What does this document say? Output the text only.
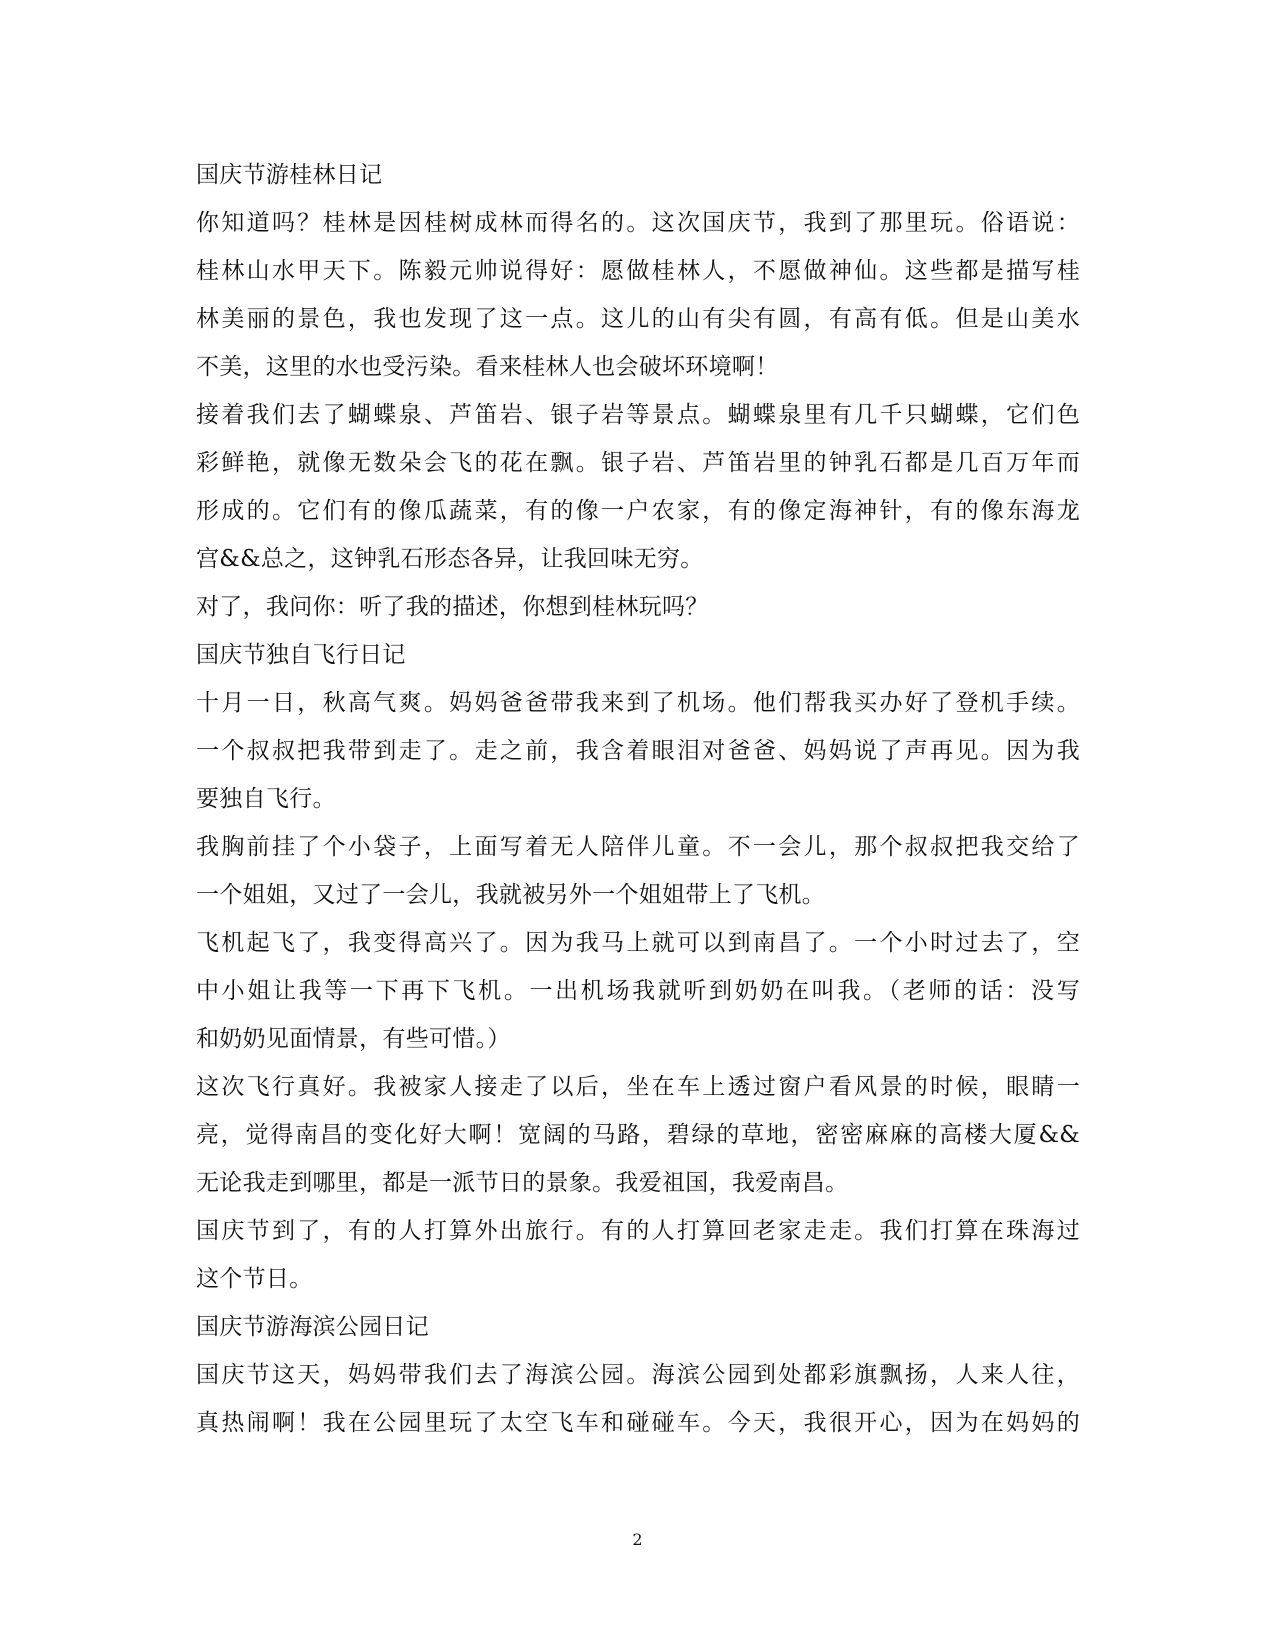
国庆节游桂林日记
你知道吗？桂林是因桂树成林而得名的。这次国庆节，我到了那里玩。俗语说：
桂林山水甲天下。陈毅元帅说得好：愿做桂林人，不愿做神仙。这些都是描写桂
林美丽的景色，我也发现了这一点。这儿的山有尖有圆，有高有低。但是山美水
不美，这里的水也受污染。看来桂林人也会破坏环境啊！
接着我们去了蝴蝶泉、芦笛岩、银子岩等景点。蝴蝶泉里有几千只蝴蝶，它们色
彩鲜艳，就像无数朵会飞的花在飘。银子岩、芦笛岩里的钟乳石都是几百万年而
形成的。它们有的像瓜蔬菜，有的像一户农家，有的像定海神针，有的像东海龙
宫&&总之，这钟乳石形态各异，让我回味无穷。
对了，我问你：听了我的描述，你想到桂林玩吗？
国庆节独自飞行日记
十月一日，秋高气爽。妈妈爸爸带我来到了机场。他们帮我买办好了登机手续。
一个叔叔把我带到走了。走之前，我含着眼泪对爸爸、妈妈说了声再见。因为我
要独自飞行。
我胸前挂了个小袋子，上面写着无人陪伴儿童。不一会儿，那个叔叔把我交给了
一个姐姐，又过了一会儿，我就被另外一个姐姐带上了飞机。
飞机起飞了，我变得高兴了。因为我马上就可以到南昌了。一个小时过去了，空
中小姐让我等一下再下飞机。一出机场我就听到奶奶在叫我。（老师的话：没写
和奶奶见面情景，有些可惜。）
这次飞行真好。我被家人接走了以后，坐在车上透过窗户看风景的时候，眼睛一
亮，觉得南昌的变化好大啊！宽阔的马路，碧绿的草地，密密麻麻的高楼大厦&&
无论我走到哪里，都是一派节日的景象。我爱祖国，我爱南昌。
国庆节到了，有的人打算外出旅行。有的人打算回老家走走。我们打算在珠海过
这个节日。
国庆节游海滨公园日记
国庆节这天，妈妈带我们去了海滨公园。海滨公园到处都彩旗飘扬，人来人往，
真热闹啊！我在公园里玩了太空飞车和碰碰车。今天，我很开心，因为在妈妈的
2
